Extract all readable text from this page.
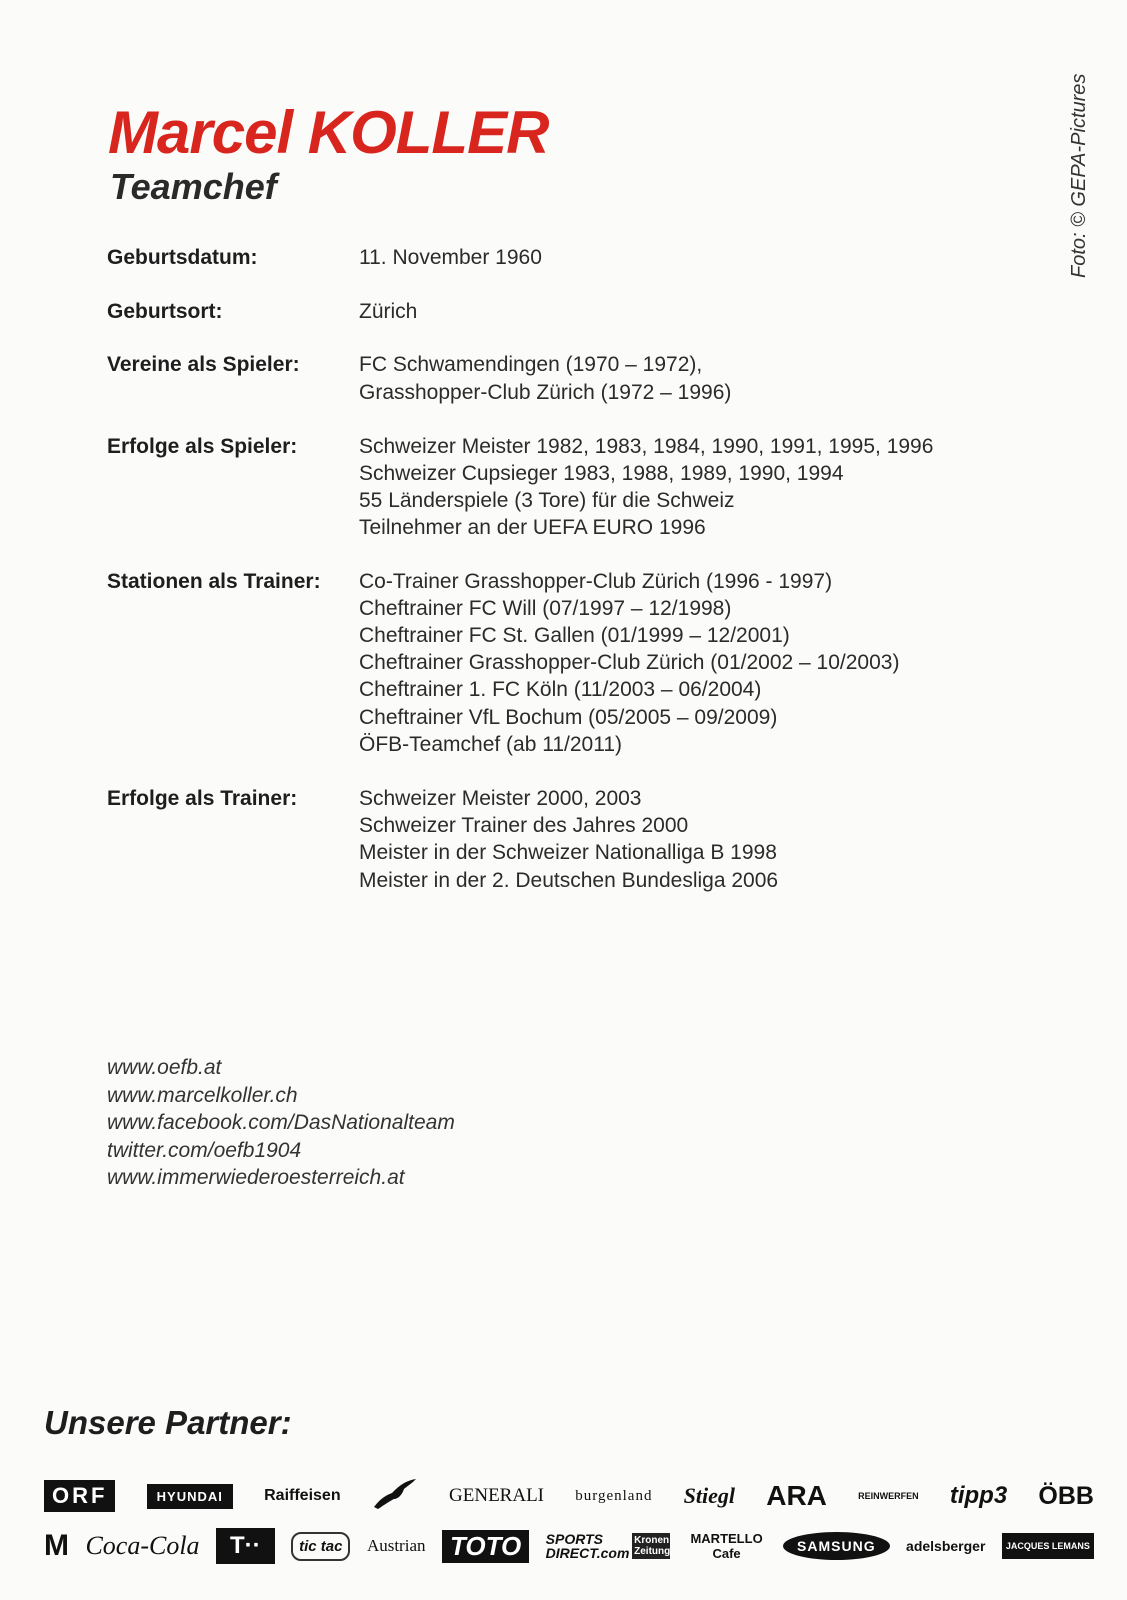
Foto: © GEPA-Pictures
Marcel KOLLER
Teamchef
Geburtsdatum:	11. November 1960
Geburtsort:	Zürich
Vereine als Spieler:	FC Schwamendingen (1970 – 1972),
Grasshopper-Club Zürich (1972 – 1996)
Erfolge als Spieler:	Schweizer Meister 1982, 1983, 1984, 1990, 1991, 1995, 1996
Schweizer Cupsieger 1983, 1988, 1989, 1990, 1994
55 Länderspiele (3 Tore) für die Schweiz
Teilnehmer an der UEFA EURO 1996
Stationen als Trainer:	Co-Trainer Grasshopper-Club Zürich (1996 - 1997)
Cheftrainer FC Will (07/1997 – 12/1998)
Cheftrainer FC St. Gallen (01/1999 – 12/2001)
Cheftrainer Grasshopper-Club Zürich (01/2002 – 10/2003)
Cheftrainer 1. FC Köln (11/2003 – 06/2004)
Cheftrainer VfL Bochum (05/2005 – 09/2009)
ÖFB-Teamchef (ab 11/2011)
Erfolge als Trainer:	Schweizer Meister 2000, 2003
Schweizer Trainer des Jahres 2000
Meister in der Schweizer Nationalliga B 1998
Meister in der 2. Deutschen Bundesliga 2006
www.oefb.at
www.marcelkoller.ch
www.facebook.com/DasNationalteam
twitter.com/oefb1904
www.immerwiederoesterreich.at
Unsere Partner:
ORF	HYUNDAI	Raiffeisen	GENERALI burgenland Stiegl ARA	REINWERFEN tipp3 ÖBB
M Coca-Cola	T··	tic tac	Austrian TOTO	SPORTS DIRECT.com
Kronen Zeitung
MARTELLO Cafe	SAMSUNG	adelsberger	JACQUES LEMANS
